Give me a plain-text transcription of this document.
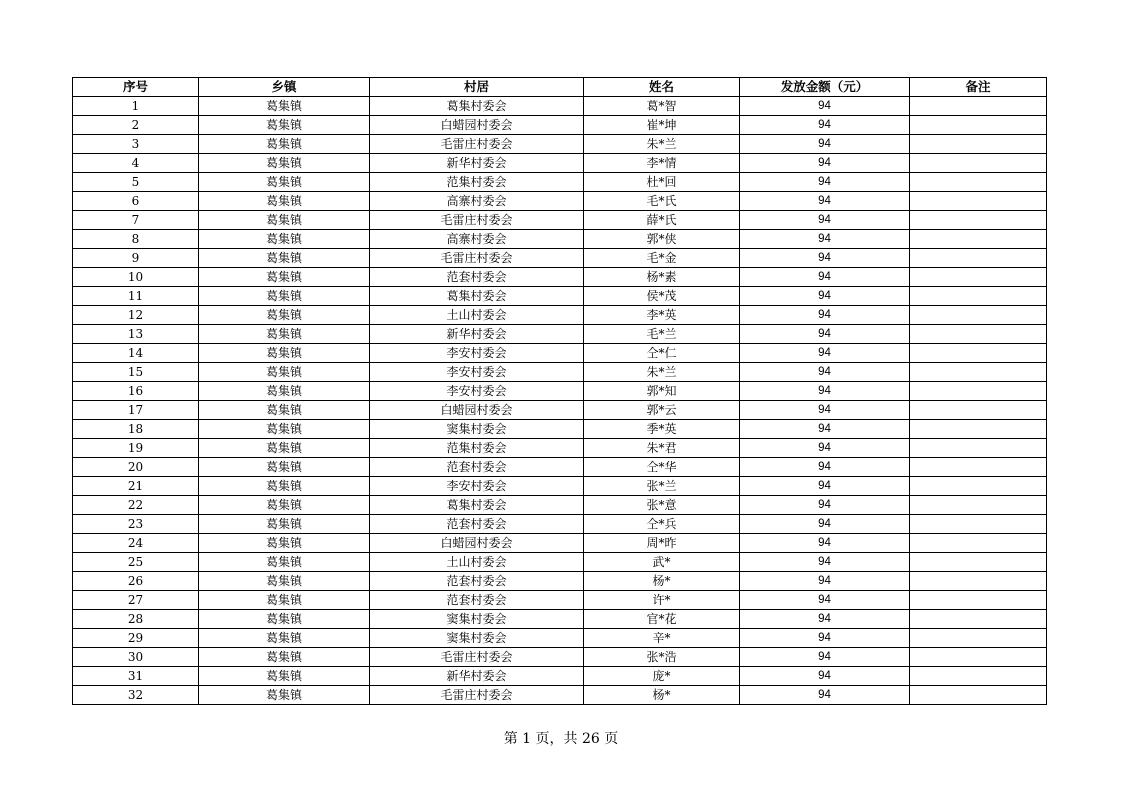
序号	乡镇	村居	姓名	发放金额（元）	备注
1	葛集镇	葛集村委会	葛*智	94	
2	葛集镇	白蜡园村委会	崔*坤	94	
3	葛集镇	毛雷庄村委会	朱*兰	94	
4	葛集镇	新华村委会	李*情	94	
5	葛集镇	范集村委会	杜*回	94	
6	葛集镇	高寨村委会	毛*氏	94	
7	葛集镇	毛雷庄村委会	薛*氏	94	
8	葛集镇	高寨村委会	郭*侠	94	
9	葛集镇	毛雷庄村委会	毛*金	94	
10	葛集镇	范套村委会	杨*素	94	
11	葛集镇	葛集村委会	侯*茂	94	
12	葛集镇	土山村委会	李*英	94	
13	葛集镇	新华村委会	毛*兰	94	
14	葛集镇	李安村委会	仝*仁	94	
15	葛集镇	李安村委会	朱*兰	94	
16	葛集镇	李安村委会	郭*知	94	
17	葛集镇	白蜡园村委会	郭*云	94	
18	葛集镇	窦集村委会	季*英	94	
19	葛集镇	范集村委会	朱*君	94	
20	葛集镇	范套村委会	仝*华	94	
21	葛集镇	李安村委会	张*兰	94	
22	葛集镇	葛集村委会	张*意	94	
23	葛集镇	范套村委会	仝*兵	94	
24	葛集镇	白蜡园村委会	周*昨	94	
25	葛集镇	土山村委会	武*	94	
26	葛集镇	范套村委会	杨*	94	
27	葛集镇	范套村委会	许*	94	
28	葛集镇	窦集村委会	官*花	94	
29	葛集镇	窦集村委会	辛*	94	
30	葛集镇	毛雷庄村委会	张*浩	94	
31	葛集镇	新华村委会	庞*	94	
32	葛集镇	毛雷庄村委会	杨*	94	
第 1 页，共 26 页
